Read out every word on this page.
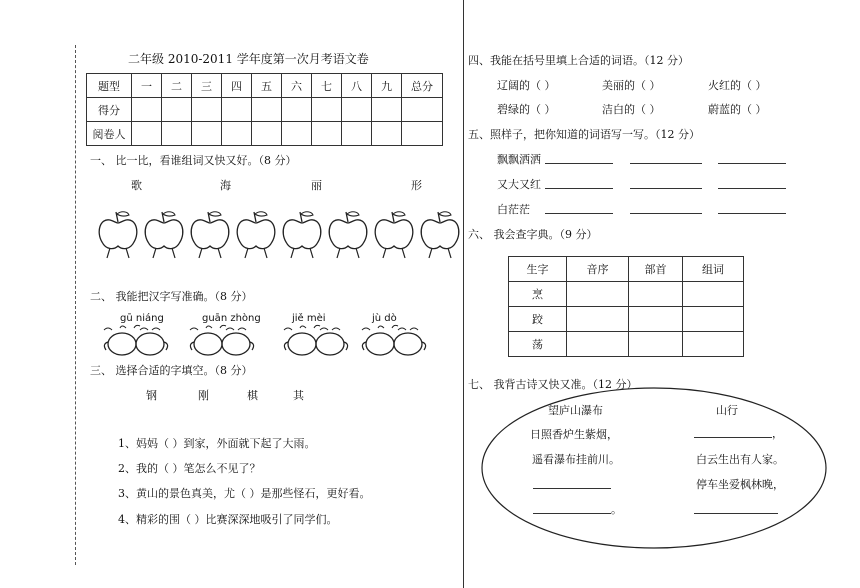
二年级 2010-2011 学年度第一次月考语文卷
题型	一	二	三	四	五	六	七	八	九	总分
得分										
阅卷人										
一、 比一比，看谁组词又快又好。（8 分）
歌	海	丽	形
二、 我能把汉字写准确。（8 分）
gū niáng	guān zhòng	jiě mèi	jù dò
三、 选择合适的字填空。（8 分）
钢	刚	棋	其
1、妈妈（ ）到家，外面就下起了大雨。
2、我的（ ）笔怎么不见了？
3、黄山的景色真美，尤（ ）是那些怪石，更好看。
4、精彩的围（ ）比赛深深地吸引了同学们。
四、我能在括号里填上合适的词语。（12 分）
辽阔的（ ）	美丽的（ ）	火红的（ ）
碧绿的（ ）	洁白的（ ）	蔚蓝的（ ）
五、照样子，把你知道的词语写一写。（12 分）
飘飘洒洒
又大又红
白茫茫
六、 我会查字典。（9 分）
生字	音序	部首	组词
烹			
跤			
荡			
七、 我背古诗又快又准。（12 分）
望庐山瀑布
日照香炉生紫烟，
遥看瀑布挂前川。
。
山行
，
白云生出有人家。
停车坐爱枫林晚，
